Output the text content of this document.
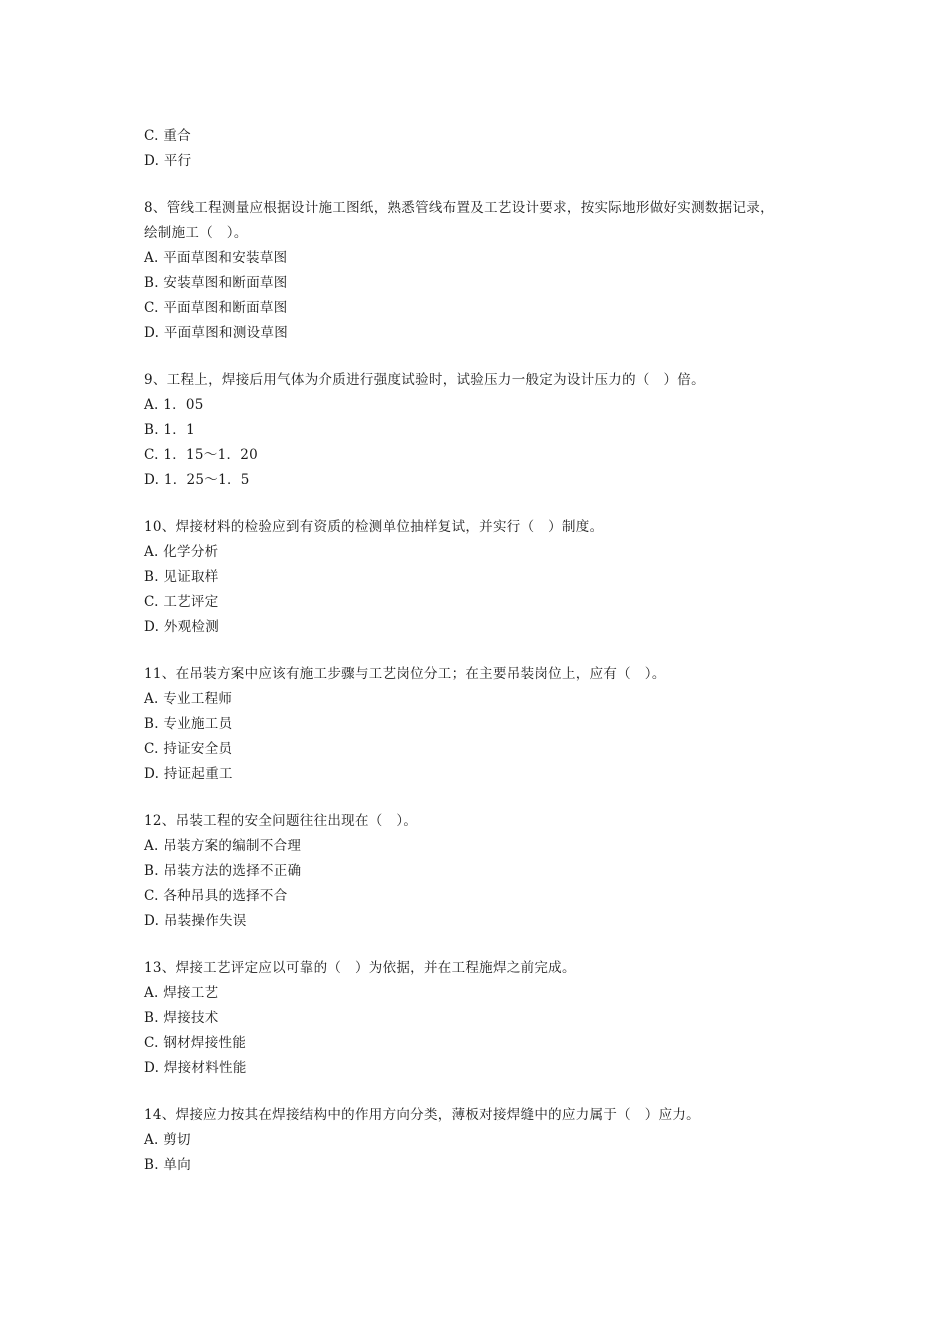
C. 重合
D. 平行
8、管线工程测量应根据设计施工图纸，熟悉管线布置及工艺设计要求，按实际地形做好实测数据记录，
绘制施工（　）。
A. 平面草图和安装草图
B. 安装草图和断面草图
C. 平面草图和断面草图
D. 平面草图和测设草图
9、工程上，焊接后用气体为介质进行强度试验时，试验压力一般定为设计压力的（　）倍。
A. 1．05
B. 1．1
C. 1．15～1．20
D. 1．25～1．5
10、焊接材料的检验应到有资质的检测单位抽样复试，并实行（　）制度。
A. 化学分析
B. 见证取样
C. 工艺评定
D. 外观检测
11、在吊装方案中应该有施工步骤与工艺岗位分工；在主要吊装岗位上，应有（　）。
A. 专业工程师
B. 专业施工员
C. 持证安全员
D. 持证起重工
12、吊装工程的安全问题往往出现在（　）。
A. 吊装方案的编制不合理
B. 吊装方法的选择不正确
C. 各种吊具的选择不合
D. 吊装操作失误
13、焊接工艺评定应以可靠的（　）为依据，并在工程施焊之前完成。
A. 焊接工艺
B. 焊接技术
C. 钢材焊接性能
D. 焊接材料性能
14、焊接应力按其在焊接结构中的作用方向分类，薄板对接焊缝中的应力属于（　）应力。
A. 剪切
B. 单向
